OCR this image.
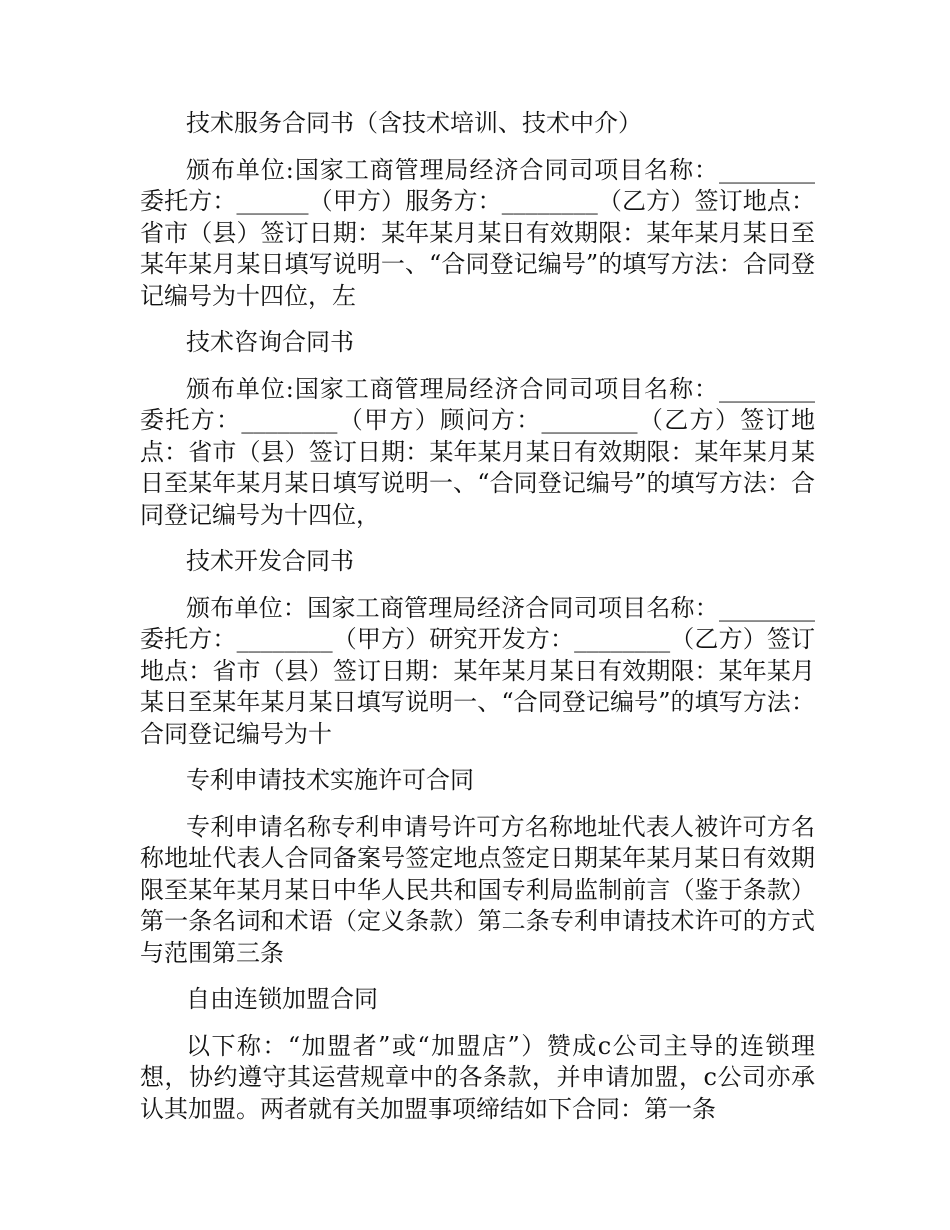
技术服务合同书（含技术培训、技术中介）

颁布单位:国家工商管理局经济合同司项目名称：________委托方：______（甲方）服务方：________（乙方）签订地点：省市（县）签订日期：某年某月某日有效期限：某年某月某日至某年某月某日填写说明一、“合同登记编号”的填写方法：合同登记编号为十四位，左

技术咨询合同书

颁布单位:国家工商管理局经济合同司项目名称：________委托方：________（甲方）顾问方：________（乙方）签订地点：省市（县）签订日期：某年某月某日有效期限：某年某月某日至某年某月某日填写说明一、“合同登记编号”的填写方法：合同登记编号为十四位，

技术开发合同书

颁布单位：国家工商管理局经济合同司项目名称：________委托方：________（甲方）研究开发方：________（乙方）签订地点：省市（县）签订日期：某年某月某日有效期限：某年某月某日至某年某月某日填写说明一、“合同登记编号”的填写方法：合同登记编号为十

专利申请技术实施许可合同

专利申请名称专利申请号许可方名称地址代表人被许可方名称地址代表人合同备案号签定地点签定日期某年某月某日有效期限至某年某月某日中华人民共和国专利局监制前言（鉴于条款）第一条名词和术语（定义条款）第二条专利申请技术许可的方式与范围第三条

自由连锁加盟合同

以下称：“加盟者”或“加盟店”）赞成c公司主导的连锁理想，协约遵守其运营规章中的各条款，并申请加盟，c公司亦承认其加盟。两者就有关加盟事项缔结如下合同：第一条
